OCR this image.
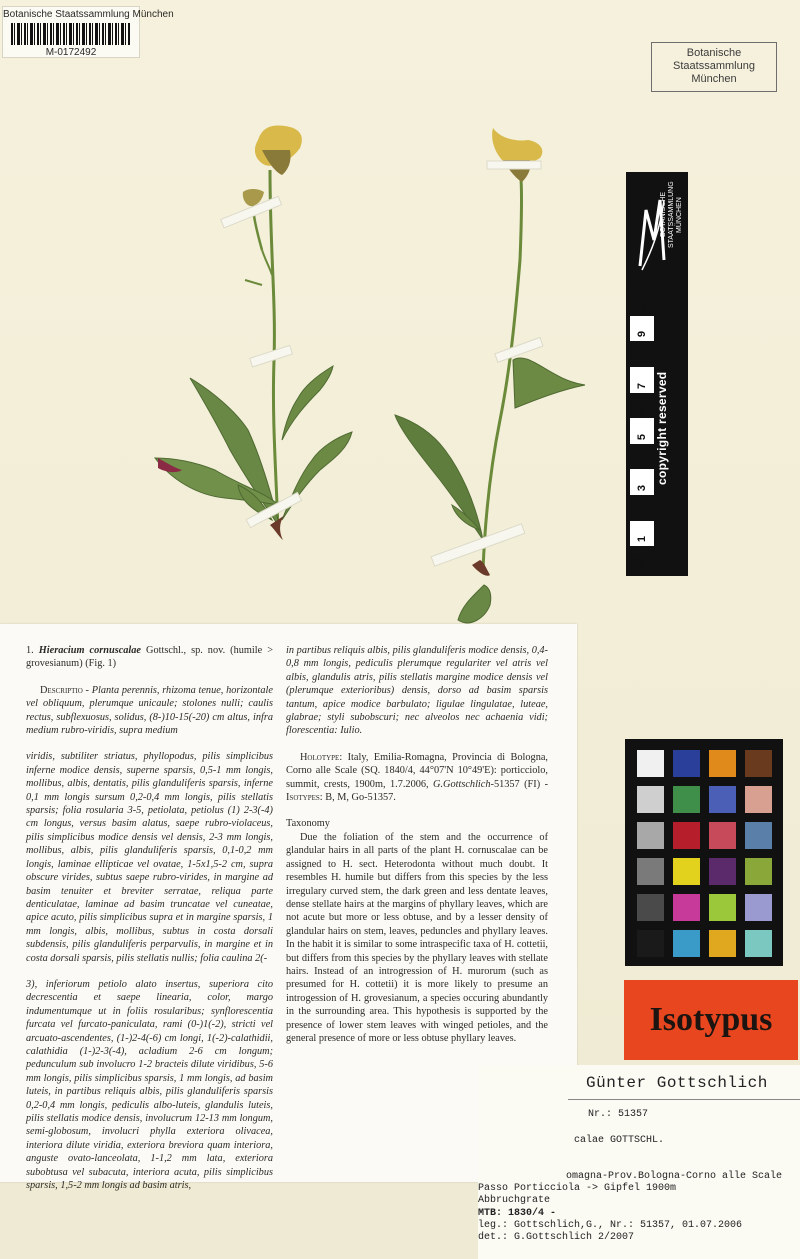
Botanische Staatssammlung München
M-0172492	Botanische
Staatssammlung
München
BOTANISCHE STAATSSAMMLUNG MÜNCHEN
0
1
2
3
4
5
6
7
8
9
10
copyright reserved
cm

1. Hieracium cornuscalae Gottschl., sp. nov. (humile > grovesianum) (Fig. 1)

Descriptio - Planta perennis, rhizoma tenue, horizontale vel obliquum, plerumque unicaule; stolones nulli; caulis rectus, subflexuosus, solidus, (8-)10-15(-20) cm altus, infra medium rubro-viridis, supra medium

viridis, subtiliter striatus, phyllopodus, pilis simplicibus inferne modice densis, superne sparsis, 0,5-1 mm longis, mollibus, albis, dentatis, pilis glanduliferis sparsis, inferne 0,1 mm longis sursum 0,2-0,4 mm longis, pilis stellatis sparsis; folia rosularia 3-5, petiolata, petiolus (1) 2-3(-4) cm longus, versus basim alatus, saepe rubro-violaceus, pilis simplicibus modice densis vel densis, 2-3 mm longis, mollibus, albis, pilis glanduliferis sparsis, 0,1-0,2 mm longis, laminae ellipticae vel ovatae, 1-5x1,5-2 cm, supra obscure virides, subtus saepe rubro-virides, in margine ad basim tenuiter et breviter serratae, reliqua parte denticulatae, laminae ad basim truncatae vel cuneatae, apice acuto, pilis simplicibus supra et in margine sparsis, 1 mm longis, albis, mollibus, subtus in costa dorsali subdensis, pilis glanduliferis perparvulis, in margine et in costa dorsali sparsis, pilis stellatis nullis; folia caulina 2(-

3), inferiorum petiolo alato insertus, superiora cito decrescentia et saepe linearia, color, margo indumentumque ut in foliis rosularibus; synflorescentia furcata vel furcato-paniculata, rami (0-)1(-2), stricti vel arcuato-ascendentes, (1-)2-4(-6) cm longi, 1(-2)-calathidii, calathidia (1-)2-3(-4), acladium 2-6 cm longum; pedunculum sub involucro 1-2 bracteis dilute viridibus, 5-6 mm longis, pilis simplicibus sparsis, 1 mm longis, ad basim luteis, in partibus reliquis albis, pilis glanduliferis sparsis 0,2-0,4 mm longis, pediculis albo-luteis, glandulis luteis, pilis stellatis modice densis, involucrum 12-13 mm longum, semi-globosum, involucri phylla exteriora olivacea, interiora dilute viridia, exteriora breviora quam interiora, anguste ovato-lanceolata, 1-1,2 mm lata, exteriora subobtusa vel subacuta, interiora acuta, pilis simplicibus sparsis, 1,5-2 mm longis ad basim atris,

in partibus reliquis albis, pilis glanduliferis modice densis, 0,4-0,8 mm longis, pediculis plerumque regulariter vel atris vel albis, glandulis atris, pilis stellatis margine modice densis vel (plerumque exterioribus) densis, dorso ad basim sparsis tantum, apice modice barbulato; ligulae lingulatae, luteae, glabrae; styli subobscuri; nec alveolos nec achaenia vidi; florescentia: Iulio.

Holotype: Italy, Emilia-Romagna, Provincia di Bologna, Corno alle Scale (SQ. 1840/4, 44°07'N 10°49'E): porticciolo, summit, crests, 1900m, 1.7.2006, G.Gottschlich-51357 (FI) - Isotypes: B, M, Go-51357.

Taxonomy

Due the foliation of the stem and the occurrence of glandular hairs in all parts of the plant H. cornuscalae can be assigned to H. sect. Heterodonta without much doubt. It resembles H. humile but differs from this species by the less irregulary curved stem, the dark green and less dentate leaves, dense stellate hairs at the margins of phyllary leaves, which are not acute but more or less obtuse, and by a lesser density of glandular hairs on stem, leaves, peduncles and phyllary leaves. In the habit it is similar to some intraspecific taxa of H. cottetii, but differs from this species by the phyllary leaves with stellate hairs. Instead of an introgression of H. murorum (such as presumed for H. cottetii) it is more likely to presume an introgession of H. grovesianum, a species occuring abundantly in the surrounding area. This hypothesis is supported by the presence of lower stem leaves with winged petioles, and the general presence of more or less obtuse phyllary leaves.

Isotypus
Günter Gottschlich
Nr.: 51357
calae GOTTSCHL.
omagna-Prov.Bologna-Corno alle Scale
Passo Porticciola -> Gipfel 1900m
Abbruchgrate
MTB: 1830/4 -
leg.: Gottschlich,G., Nr.: 51357, 01.07.2006
det.: G.Gottschlich 2/2007
